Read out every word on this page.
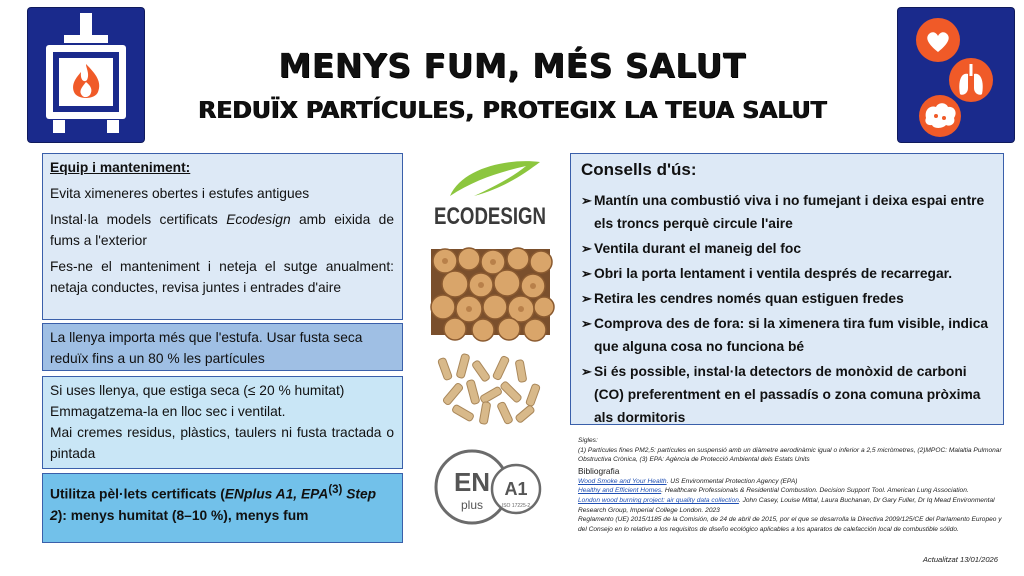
MENYS FUM, MÉS SALUT
REDUÏX PARTÍCULES, PROTEGIX LA TEUA SALUT
Equip i manteniment:

Evita ximeneres obertes i estufes antigues

Instal·la models certificats Ecodesign amb eixida de fums a l'exterior

Fes-ne el manteniment i neteja el sutge anualment: netaja conductes, revisa juntes i entrades d'aire

La llenya importa més que l'estufa. Usar fusta seca reduïx fins a un 80 % les partícules

Si uses llenya, que estiga seca (≤ 20 % humitat)

Emmagatzema-la en lloc sec i ventilat.

Mai cremes residus, plàstics, taulers ni fusta tractada o pintada

Utilitza pèl·lets certificats (ENplus A1, EPA$^{(3)}$ Step 2): menys humitat (8–10 %), menys fum

ECODESIGN
EN
plus
A1
ISO 17225-2
Consells d'ús:
➢ Mantín una combustió viva i no fumejant i deixa espai entre els troncs perquè circule l'aire
➢ Ventila durant el maneig del foc
➢ Obri la porta lentament i ventila després de recarregar.
➢ Retira les cendres només quan estiguen fredes
➢ Comprova des de fora: si la ximenera tira fum visible, indica que alguna cosa no funciona bé
➢ Si és possible, instal·la detectors de monòxid de carboni (CO) preferentment en el passadís o zona comuna pròxima als dormitoris

Sigles:

(1) Partícules fines PM2,5: partícules en suspensió amb un diàmetre aerodinàmic igual o inferior a 2,5 micròmetres, (2)MPOC: Malaltia Pulmonar Obstructiva Crònica, (3) EPA: Agència de Protecció Ambiental dels Estats Units

Bibliografia

Wood Smoke and Your Health. US Environmental Protection Agency (EPA)

Healthy and Efficient Homes. Healthcare Professionals & Residential Combustion. Decision Support Tool. American Lung Association.

London wood burning project: air quality data collection. John Casey, Louise Mittal, Laura Buchanan, Dr Gary Fuller, Dr Iq Mead Environmental Research Group, Imperial College London. 2023

Reglamento (UE) 2015/1185 de la Comisión, de 24 de abril de 2015, por el que se desarrolla la Directiva 2009/125/CE del Parlamento Europeo y del Consejo en lo relativo a los requisitos de diseño ecológico aplicables a los aparatos de calefacción local de combustible sólido.

Actualitzat 13/01/2026
